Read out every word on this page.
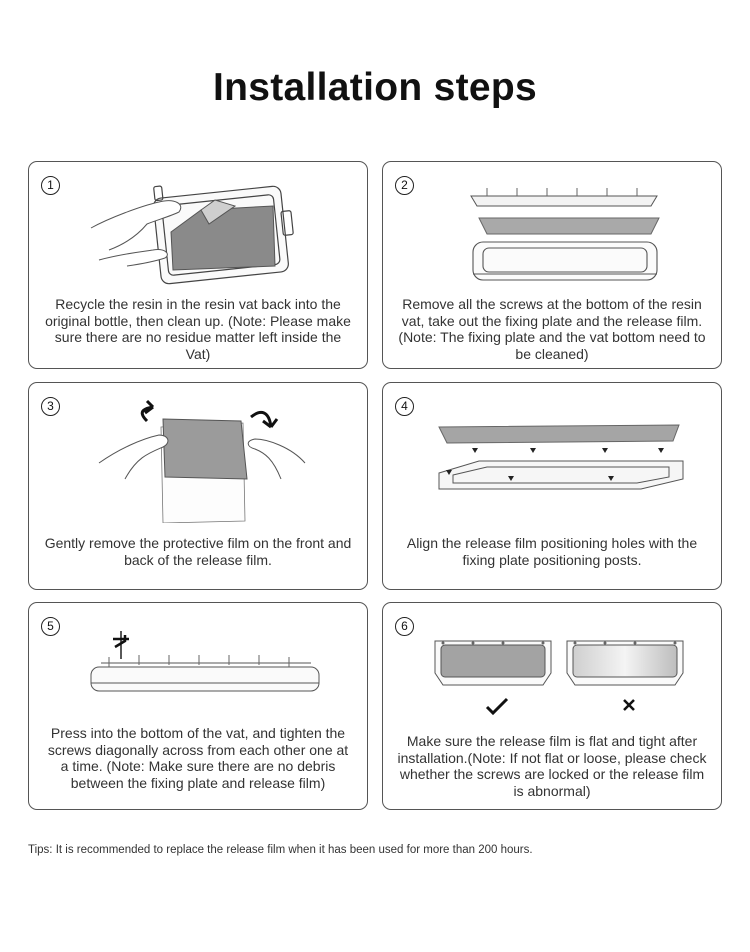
Installation steps
1
Recycle the resin in the resin vat back into the original bottle, then clean up. (Note: Please make sure there are no residue matter left inside the Vat)
2
Remove all the screws at the bottom of the resin vat, take out the fixing plate and the release film. (Note: The fixing plate and the vat bottom need to be cleaned)
3
Gently remove the protective film on the front and back of the release film.
4
Align the release film positioning holes with the fixing plate positioning posts.
5
Press into the bottom of the vat, and tighten the screws diagonally across from each other one at a time. (Note: Make sure there are no debris between the fixing plate and release film)
6
Make sure the release film is flat and tight after installation.(Note: If not flat or loose, please check whether the screws are locked or the release film is abnormal)
Tips: It is recommended to replace the release film when it has been used for more than 200 hours.
